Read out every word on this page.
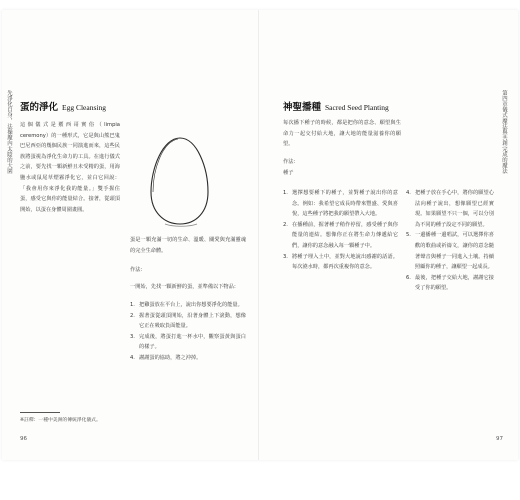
先淨化自身，法操魔內太陰的大園 蛋的淨化 Egg Cleansing

這個儀式是覈西哥實俗（limpia ceremony）的一種形式，它是與山熊巴鬼巴尼西亞的幾個民族一同演進而來，這些民族將蛋視為淨化生命力的工具。在進行儀式之前，要先找一顆新鮮且未受精的蛋，用海鹽水或鼠尾草煙霧淨化它，並白它回說：「我會用你來淨化我的能量。」雙手握住蛋，感受它與你的能量結合。接著，從頭頂開始，以蛋在身體周圍畫圓。

※註釋：一種中美洲的傳統淨化儀式。
96

蛋是一顆充滿一切的生命、溫暖、關愛與充滿靈魂的完全生命體。

作法：

一開始，先找一顆新鮮的蛋，並準備以下物品：

1. 把雞蛋放在平台上，說出你想要淨化的能量。
2. 握著蛋從頭頂開始，沿著身體上下滚動，想像它正在吸取負面能量。
3. 完成後，將蛋打進一杯水中，觀察蛋黃與蛋白的樣子。
4. 謝謝蛋的協助，將之沖掉。
神聖播種 Sacred Seed Planting

每次播下種子的時候，都是把你的意念、願望與生命力一起交付給大地，讓大地的能量滋養你的願望。

作法：

種子

1. 選擇想要種下的種子，並對種子說出你的意念。例如：我希望它成長時帶來豐盛、愛與喜悅，這些種子將把我的願望帶入大地。
2. 在播種前，握著種子稍作停留，感受種子與你能量的連結。想像你正在將生命力傳遞給它們，讓你的意念融入每一顆種子中。
3. 將種子埋入土中，並對大地說出感謝的話語。每次澆水時，都再次重複你的意念。
4. 把種子放在手心中，將你的願望心法向種子說出，想像願望已經實現。如果願望不只一個，可以分別為不同的種子設定不同的願望。
5. 一邊播種一邊唱試，可以選擇你喜歡的歌曲或祈禱文，讓你的意念隨著聲音與種子一同進入土壤。持續照顧你的種子，讓願望一起成長。
6. 最後，把種子交給大地，謝謝它接受了你的願望。
第四章儀式魔法與共創完成的魔法
97
